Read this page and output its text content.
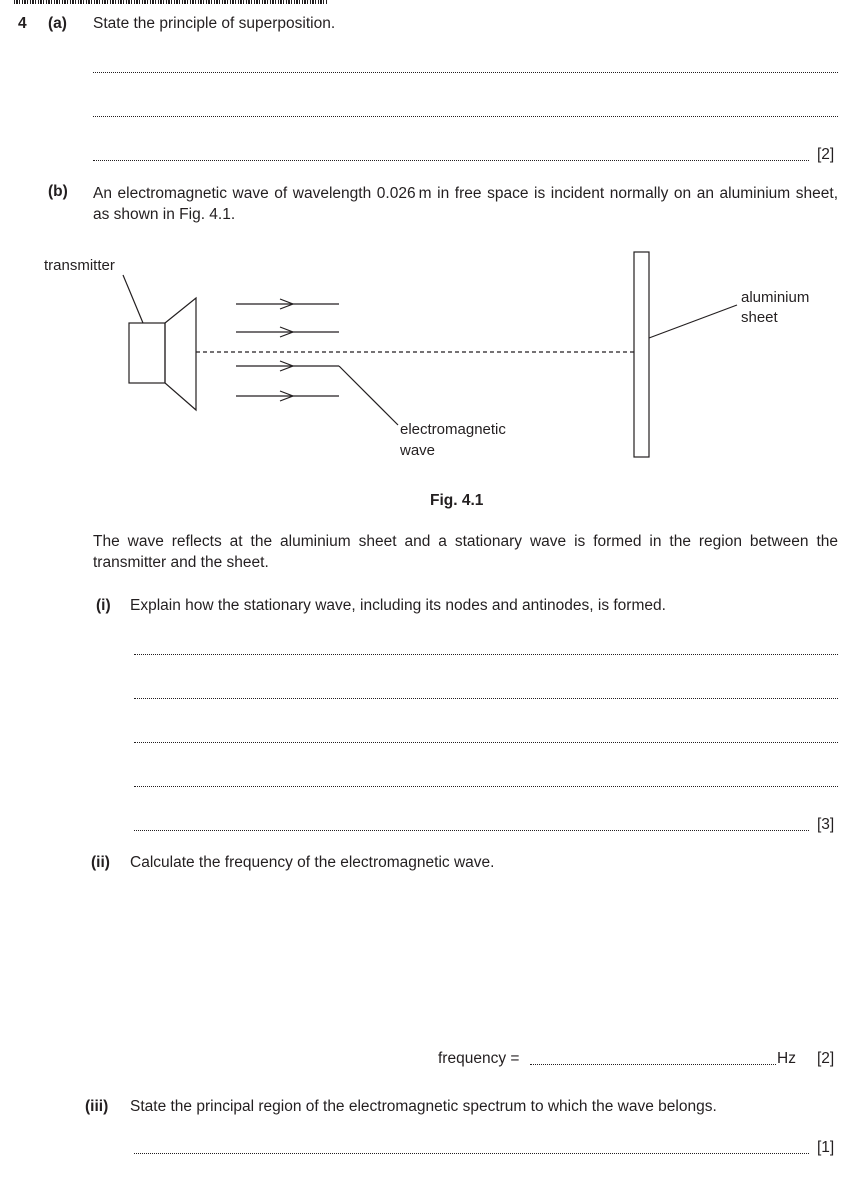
4 (a) State the principle of superposition.
[2]
(b) An electromagnetic wave of wavelength 0.026 m in free space is incident normally on an aluminium sheet, as shown in Fig. 4.1.
transmitter
aluminium
sheet
electromagnetic
wave
Fig. 4.1
The wave reflects at the aluminium sheet and a stationary wave is formed in the region between the transmitter and the sheet.
(i) Explain how the stationary wave, including its nodes and antinodes, is formed.
[3]
(ii) Calculate the frequency of the electromagnetic wave.
frequency =	Hz [2]
(iii) State the principal region of the electromagnetic spectrum to which the wave belongs.
[1]
